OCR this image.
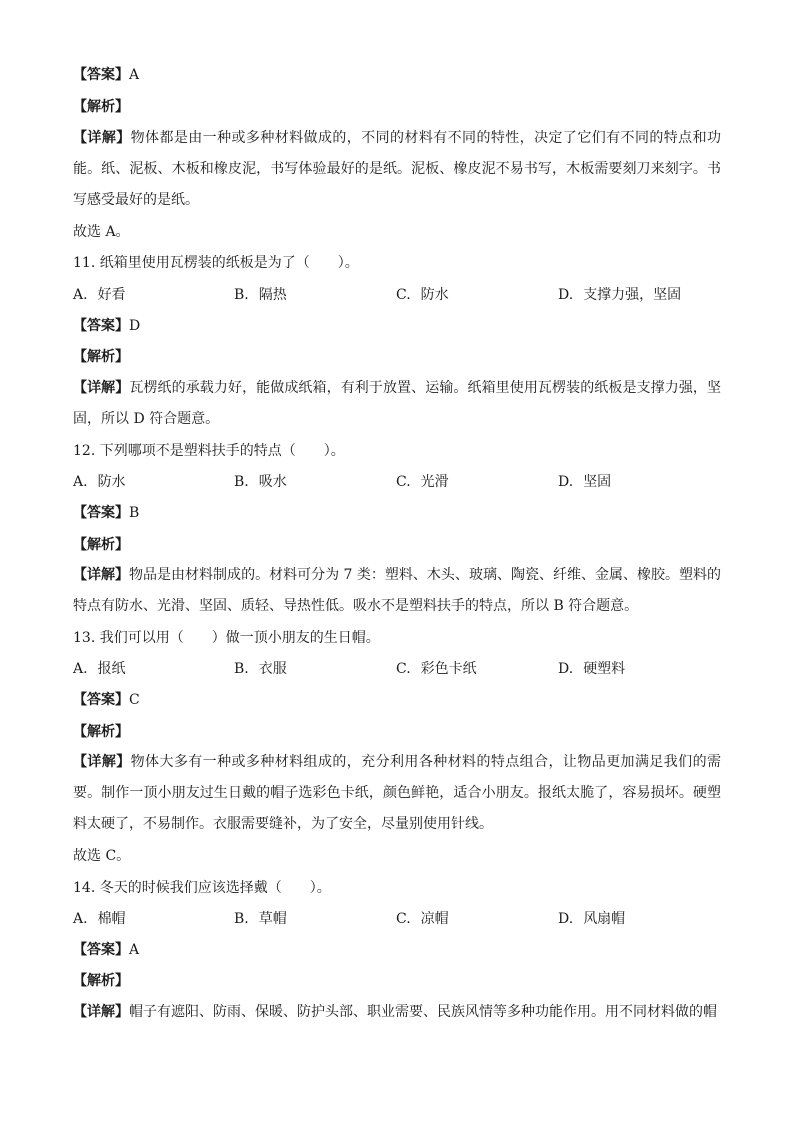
【答案】A
【解析】
【详解】物体都是由一种或多种材料做成的，不同的材料有不同的特性，决定了它们有不同的特点和功能。纸、泥板、木板和橡皮泥，书写体验最好的是纸。泥板、橡皮泥不易书写，木板需要刻刀来刻字。书写感受最好的是纸。
故选 A。
11. 纸箱里使用瓦楞装的纸板是为了（　　）。
A. 好看	B. 隔热	C. 防水	D. 支撑力强，坚固
【答案】D
【解析】
【详解】瓦楞纸的承载力好，能做成纸箱，有利于放置、运输。纸箱里使用瓦楞装的纸板是支撑力强，坚固，所以 D 符合题意。
12. 下列哪项不是塑料扶手的特点（　　）。
A. 防水	B. 吸水	C. 光滑	D. 坚固
【答案】B
【解析】
【详解】物品是由材料制成的。材料可分为 7 类：塑料、木头、玻璃、陶瓷、纤维、金属、橡胶。塑料的特点有防水、光滑、坚固、质轻、导热性低。吸水不是塑料扶手的特点，所以 B 符合题意。
13. 我们可以用（　　）做一顶小朋友的生日帽。
A. 报纸	B. 衣服	C. 彩色卡纸	D. 硬塑料
【答案】C
【解析】
【详解】物体大多有一种或多种材料组成的，充分利用各种材料的特点组合，让物品更加满足我们的需要。制作一顶小朋友过生日戴的帽子选彩色卡纸，颜色鲜艳，适合小朋友。报纸太脆了，容易损坏。硬塑料太硬了，不易制作。衣服需要缝补，为了安全，尽量别使用针线。
故选 C。
14. 冬天的时候我们应该选择戴（　　）。
A. 棉帽	B. 草帽	C. 凉帽	D. 风扇帽
【答案】A
【解析】
【详解】帽子有遮阳、防雨、保暖、防护头部、职业需要、民族风情等多种功能作用。用不同材料做的帽
